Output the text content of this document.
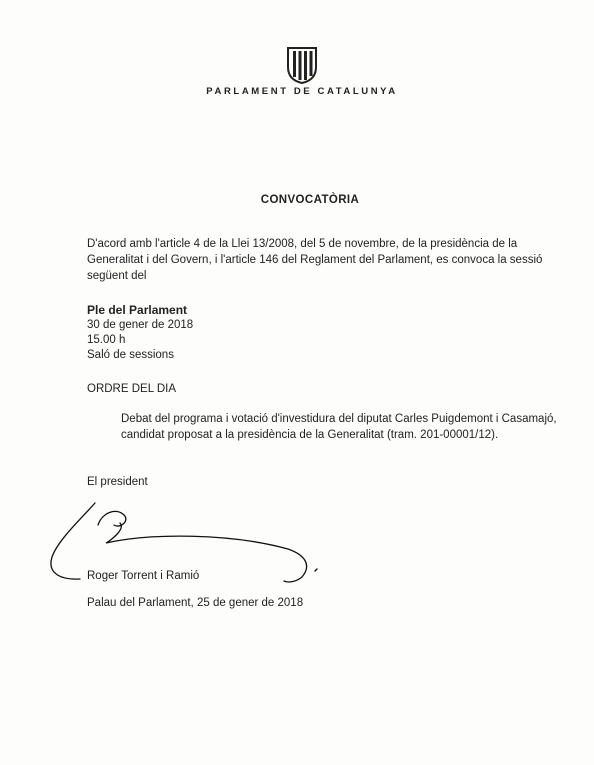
PARLAMENT DE CATALUNYA
CONVOCATÒRIA
D'acord amb l'article 4 de la Llei 13/2008, del 5 de novembre, de la presidència de la Generalitat i del Govern, i l'article 146 del Reglament del Parlament, es convoca la sessió següent del
Ple del Parlament
30 de gener de 2018
15.00 h
Saló de sessions
ORDRE DEL DIA
Debat del programa i votació d'investidura del diputat Carles Puigdemont i Casamajó, candidat proposat a la presidència de la Generalitat (tram. 201-00001/12).
El president
Roger Torrent i Ramió
Palau del Parlament, 25 de gener de 2018
